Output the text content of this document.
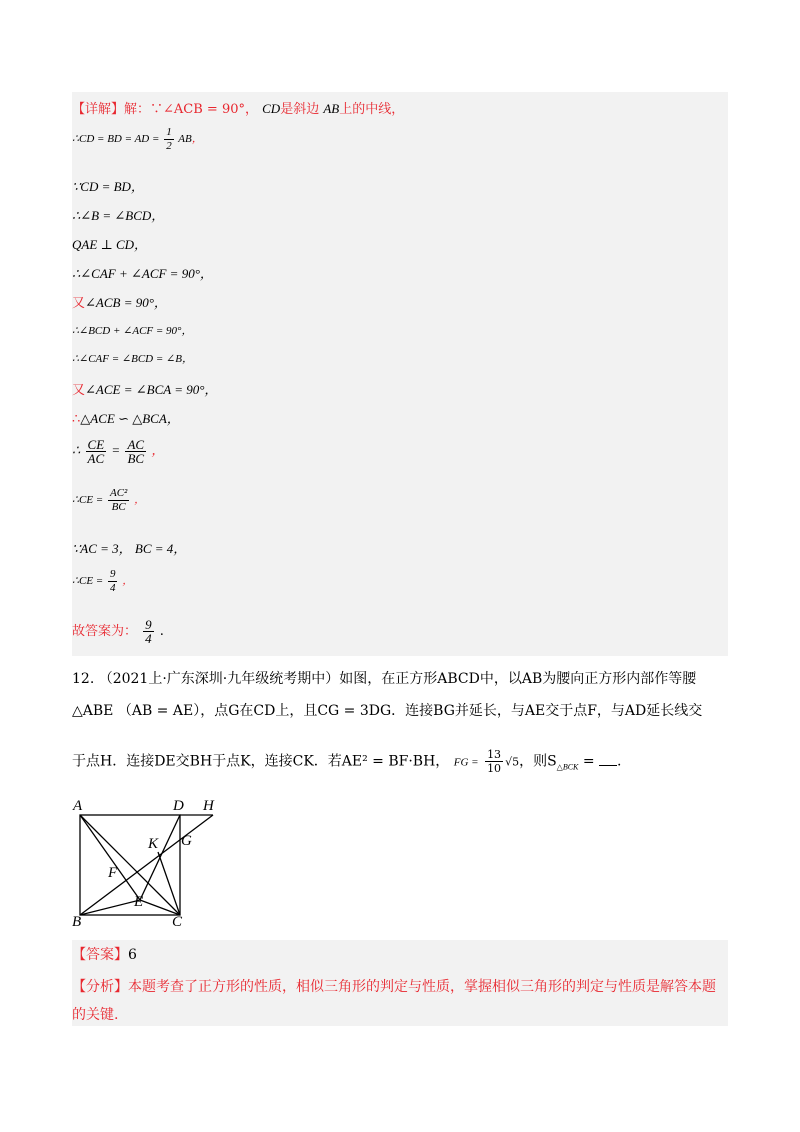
【详解】解：∵∠ACB = 90°， CD是斜边 AB上的中线，
∴CD = BD = AD = $\frac{1}{2}$ AB，
∵CD = BD，
∴∠B = ∠BCD，
QAE ⊥ CD，
∴∠CAF + ∠ACF = 90°，
又∠ACB = 90°，
∴∠BCD + ∠ACF = 90°，
∴∠CAF = ∠BCD = ∠B，
又∠ACE = ∠BCA = 90°，
∴△ACE ∽ △BCA，
∴ $\frac{CE}{AC} = \frac{AC}{BC}$ ，
∴CE = $\frac{\text{AC²}}{BC}$ ，
∵AC = 3， BC = 4，
∴CE = $\frac{9}{4}$ ，
故答案为： $\frac{9}{4}$ .
12. （2021上·广东深圳·九年级统考期中）如图，在正方形ABCD中，以AB为腰向正方形内部作等腰
△ABE （AB = AE），点G在CD上，且CG = 3DG．连接BG并延长，与AE交于点F，与AD延长线交
于点H．连接DE交BH于点K，连接CK．若AE² = BF·BH， FG = $\frac{13}{10} √5$，则$S_{\triangle BCK}$ = .
A	D H
K G
F
E
B	C
【答案】6
【分析】本题考查了正方形的性质，相似三角形的判定与性质，掌握相似三角形的判定与性质是解答本题
的关键.
